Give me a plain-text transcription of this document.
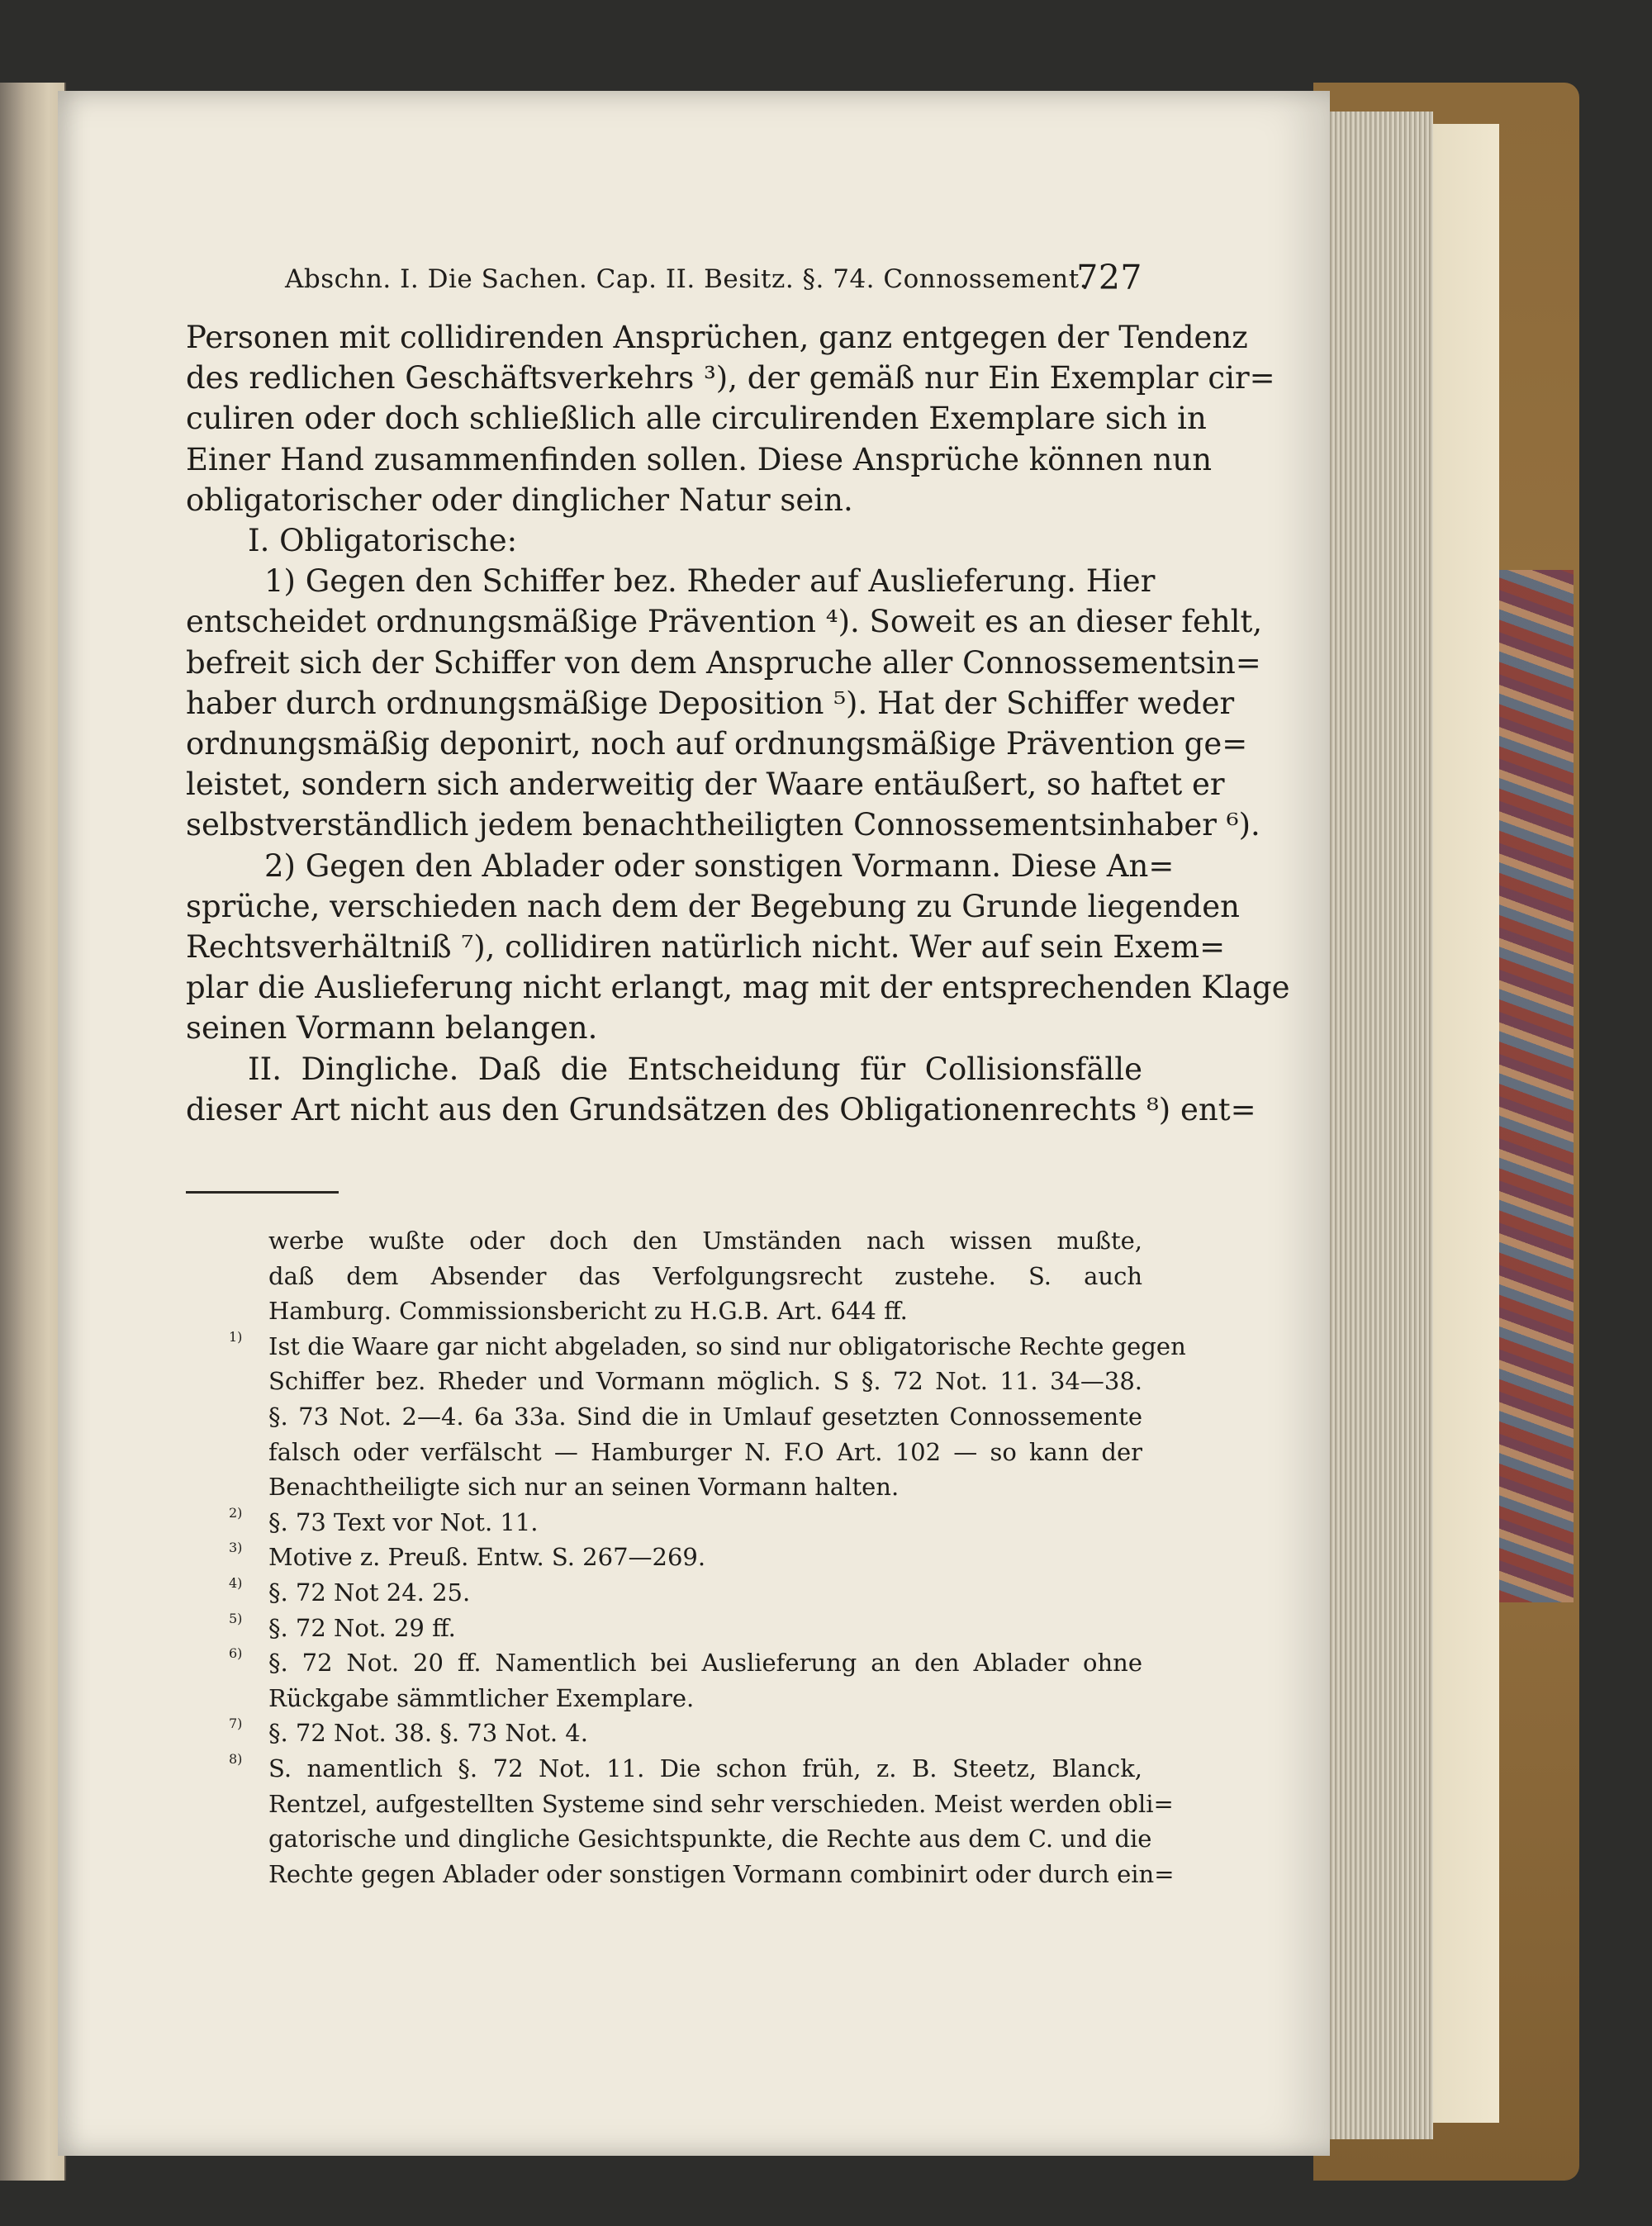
Abschn. I. Die Sachen. Cap. II. Besitz. §. 74. Connossement.
727
Personen mit collidirenden Ansprüchen, ganz entgegen der Tendenz
des redlichen Geschäftsverkehrs ³), der gemäß nur Ein Exemplar cir=
culiren oder doch schließlich alle circulirenden Exemplare sich in
Einer Hand zusammenfinden sollen. Diese Ansprüche können nun
obligatorischer oder dinglicher Natur sein.
I. Obligatorische:
1) Gegen den Schiffer bez. Rheder auf Auslieferung. Hier
entscheidet ordnungsmäßige Prävention ⁴). Soweit es an dieser fehlt,
befreit sich der Schiffer von dem Anspruche aller Connossementsin=
haber durch ordnungsmäßige Deposition ⁵). Hat der Schiffer weder
ordnungsmäßig deponirt, noch auf ordnungsmäßige Prävention ge=
leistet, sondern sich anderweitig der Waare entäußert, so haftet er
selbstverständlich jedem benachtheiligten Connossementsinhaber ⁶).
2) Gegen den Ablader oder sonstigen Vormann. Diese An=
sprüche, verschieden nach dem der Begebung zu Grunde liegenden
Rechtsverhältniß ⁷), collidiren natürlich nicht. Wer auf sein Exem=
plar die Auslieferung nicht erlangt, mag mit der entsprechenden Klage
seinen Vormann belangen.
II. Dingliche. Daß die Entscheidung für Collisionsfälle
dieser Art nicht aus den Grundsätzen des Obligationenrechts ⁸) ent=
werbe wußte oder doch den Umständen nach wissen mußte,
daß dem Absender das Verfolgungsrecht zustehe. S. auch
Hamburg. Commissionsbericht zu H.G.B. Art. 644 ff.
1)	Ist die Waare gar nicht abgeladen, so sind nur obligatorische Rechte gegen
Schiffer bez. Rheder und Vormann möglich. S §. 72 Not. 11. 34—38.
§. 73 Not. 2—4. 6a 33a. Sind die in Umlauf gesetzten Connossemente
falsch oder verfälscht — Hamburger N. F.O Art. 102 — so kann der
Benachtheiligte sich nur an seinen Vormann halten.
2)	§. 73 Text vor Not. 11.
3)	Motive z. Preuß. Entw. S. 267—269.
4)	§. 72 Not 24. 25.
5)	§. 72 Not. 29 ff.
6)	§. 72 Not. 20 ff. Namentlich bei Auslieferung an den Ablader ohne
Rückgabe sämmtlicher Exemplare.
7)	§. 72 Not. 38. §. 73 Not. 4.
8)	S. namentlich §. 72 Not. 11. Die schon früh, z. B. Steetz, Blanck,
Rentzel, aufgestellten Systeme sind sehr verschieden. Meist werden obli=
gatorische und dingliche Gesichtspunkte, die Rechte aus dem C. und die
Rechte gegen Ablader oder sonstigen Vormann combinirt oder durch ein=
